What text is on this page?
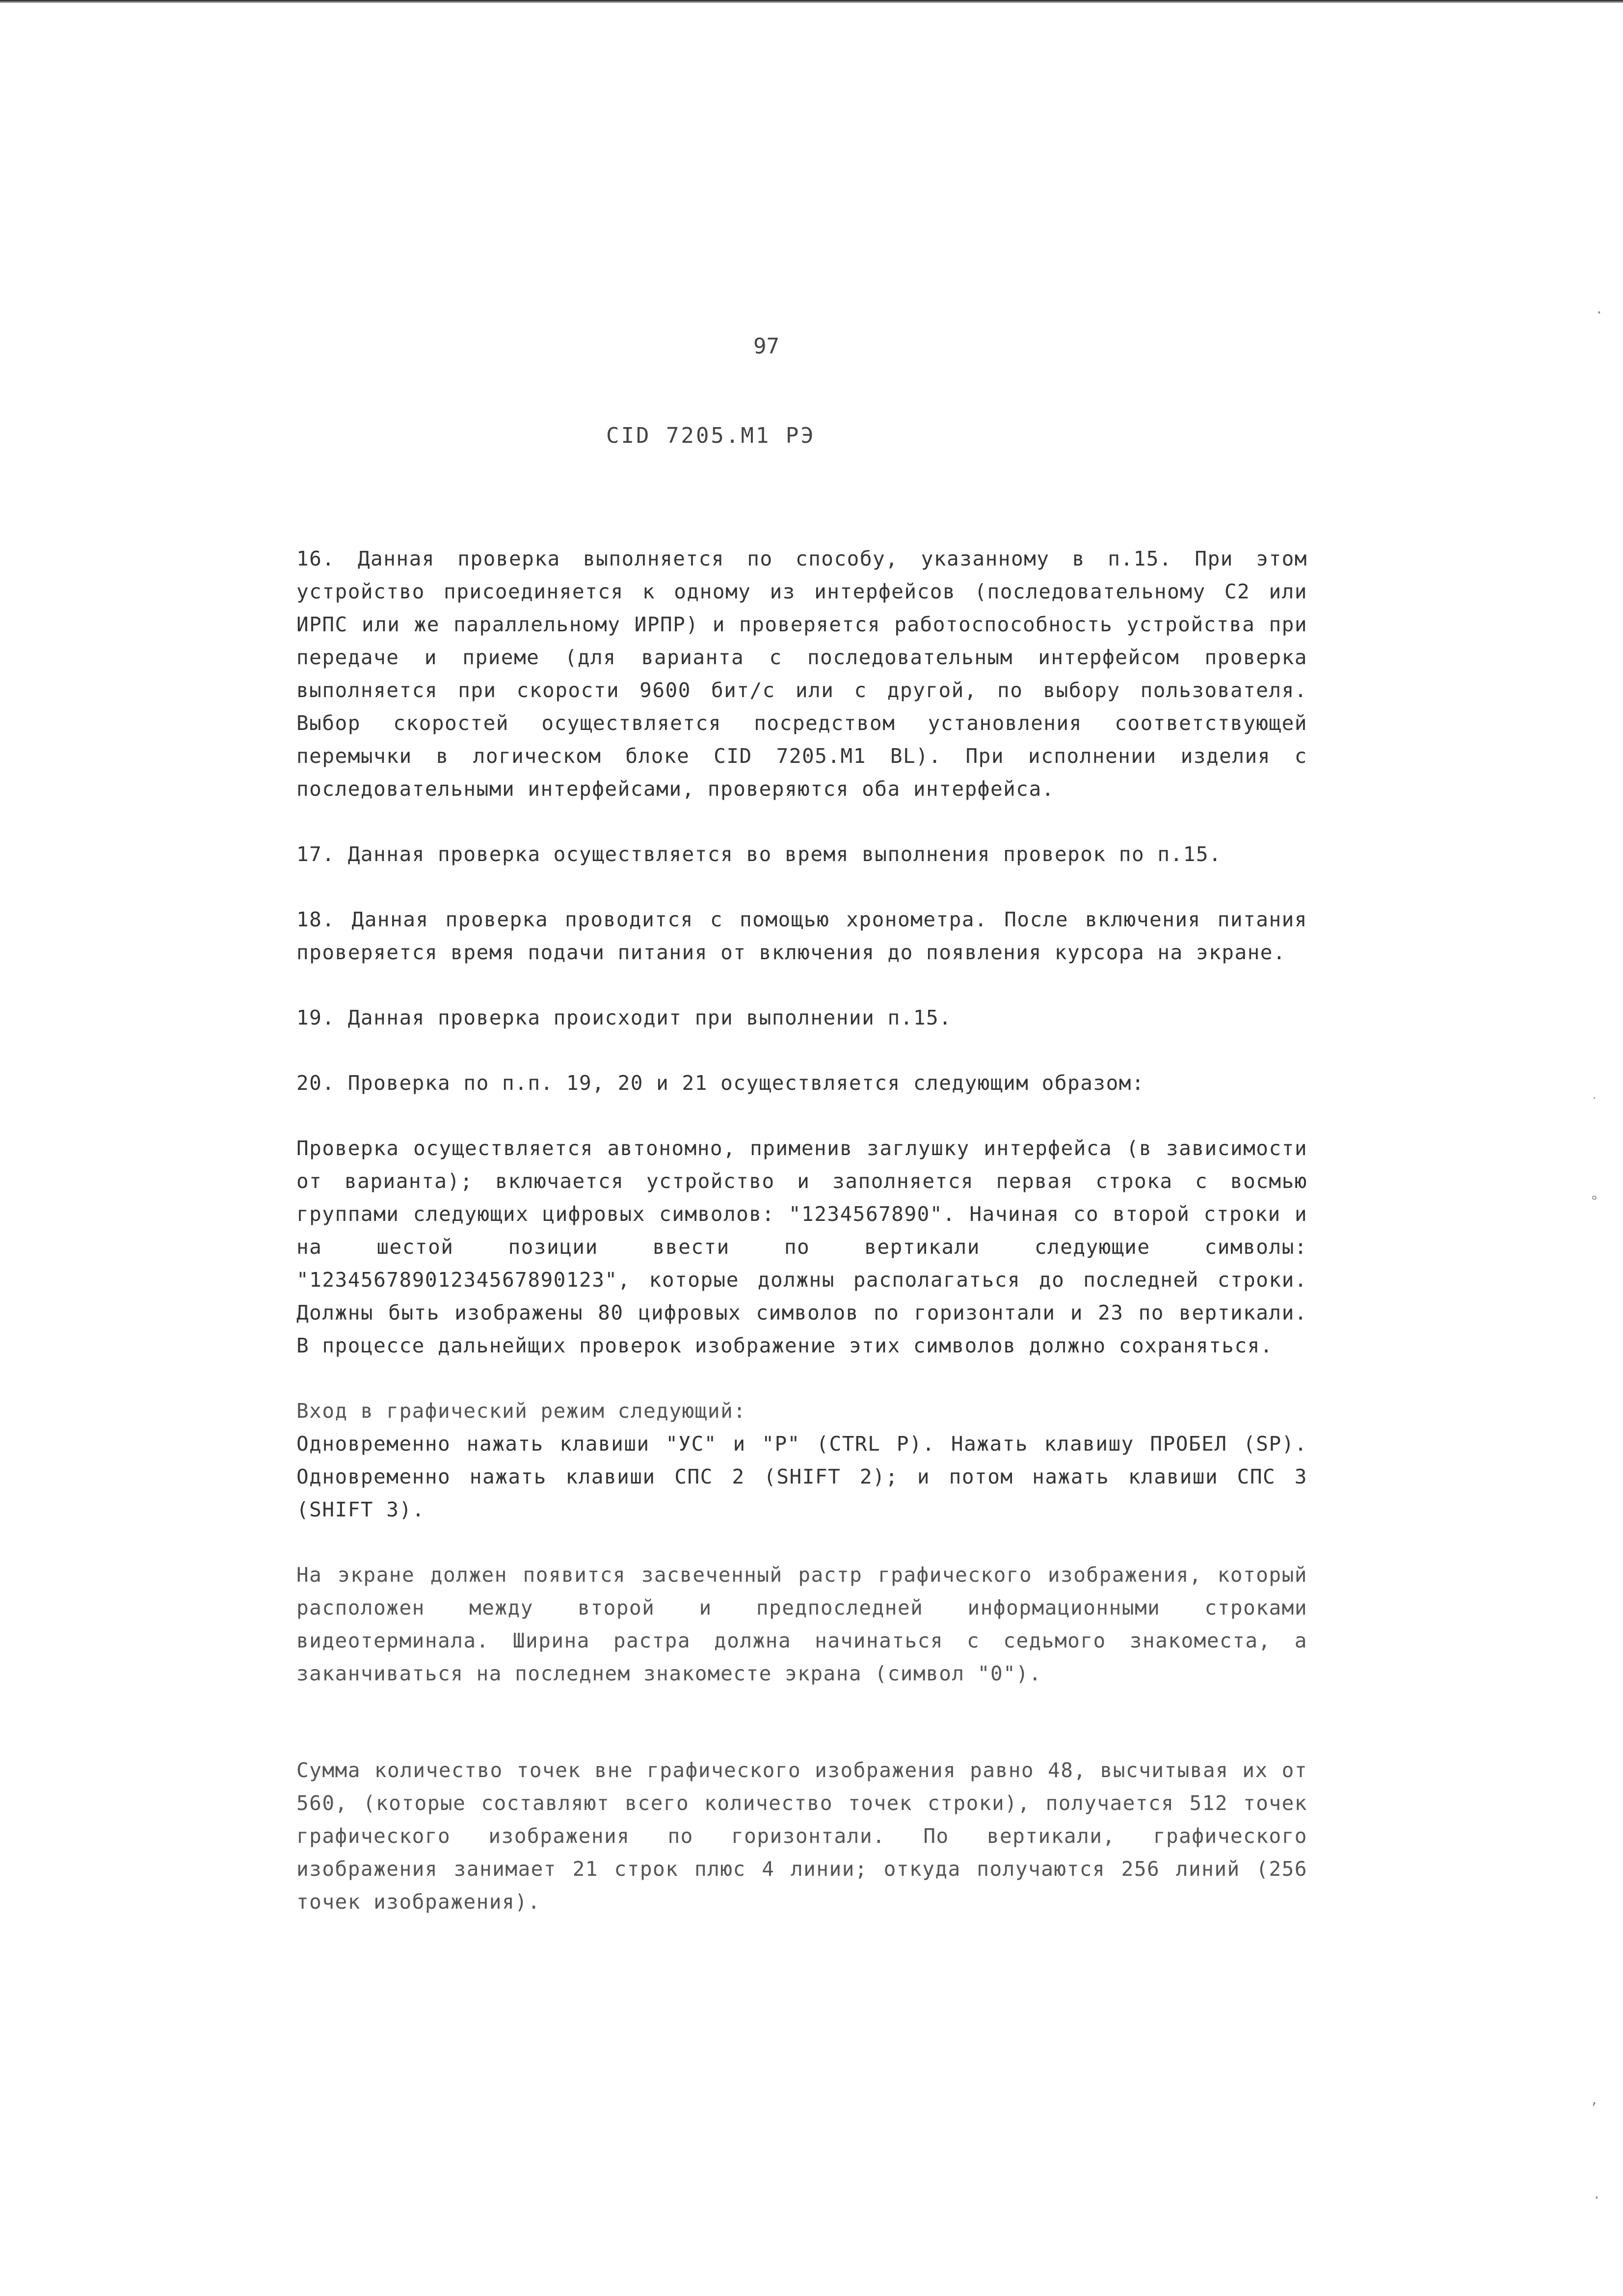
97
CID 7205.M1 РЭ

16. Данная проверка выполняется по способу, указанному в п.15. При этом устройство присоединяется к одному из интерфейсов (последовательному С2 или ИРПС или же параллельному ИРПР) и проверяется работоспособность устройства при передаче и приеме (для варианта с последовательным интерфейсом проверка выполняется при скорости 9600 бит/с или с другой, по выбору пользователя. Выбор скоростей осуществляется посредством установления соответствующей перемычки в логическом блоке CID 7205.M1 BL). При исполнении изделия с последовательными интерфейсами, проверяются оба интерфейса.

17. Данная проверка осуществляется во время выполнения проверок по п.15.

18. Данная проверка проводится с помощью хронометра. После включения питания проверяется время подачи питания от включения до появления курсора на экране.

19. Данная проверка происходит при выполнении п.15.

20. Проверка по п.п. 19, 20 и 21 осуществляется следующим образом:

Проверка осуществляется автономно, применив заглушку интерфейса (в зависимости от варианта); включается устройство и заполняется первая строка с восмью группами следующих цифровых символов: "1234567890". Начиная со второй строки и на шестой позиции ввести по вертикали следующие символы: "12345678901234567890123", которые должны располагаться до последней строки. Должны быть изображены 80 цифровых символов по горизонтали и 23 по вертикали. В процессе дальнейщих проверок изображение этих символов должно сохраняться.

Вход в графический режим следующий:

Одновременно нажать клавиши "УС" и "Р" (CTRL P). Нажать клавишу ПРОБЕЛ (SP). Одновременно нажать клавиши СПС 2 (SHIFT 2); и потом нажать клавиши СПС 3 (SHIFT 3).

На экране должен появится засвеченный растр графического изображения, который расположен между второй и предпоследней информационными строками видеотерминала. Ширина растра должна начинаться с седьмого знакоместа, а заканчиваться на последнем знакоместе экрана (символ "0").

Сумма количество точек вне графического изображения равно 48, высчитывая их от 560, (которые составляют всего количество точек строки), получается 512 точек графического изображения по горизонтали. По вертикали, графического изображения занимает 21 строк плюс 4 линии; откуда получаются 256 линий (256 точек изображения).

·
˙
°
,
·
